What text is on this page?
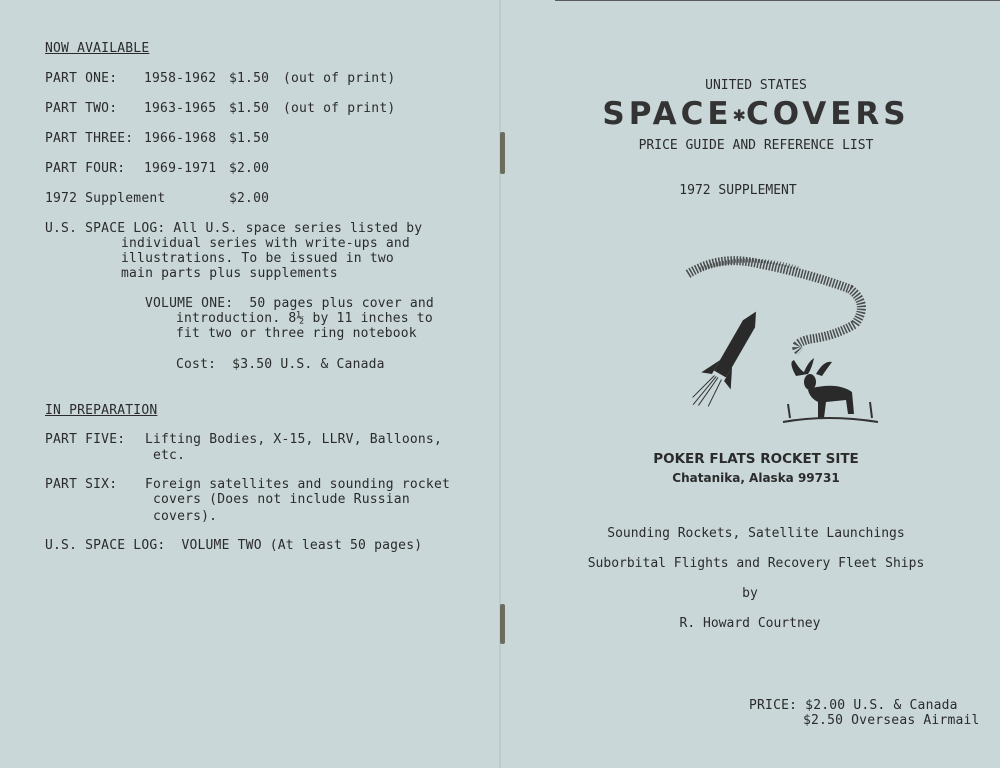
NOW AVAILABLE
PART ONE: 1958-1962 $1.50 (out of print)
PART TWO: 1963-1965 $1.50 (out of print)
PART THREE: 1966-1968 $1.50
PART FOUR: 1969-1971 $2.00
1972 Supplement	$2.00
U.S. SPACE LOG: All U.S. space series listed by
individual series with write-ups and
illustrations. To be issued in two
main parts plus supplements
VOLUME ONE:  50 pages plus cover and
introduction. 8½ by 11 inches to
fit two or three ring notebook
Cost:  $3.50 U.S. & Canada
IN PREPARATION
PART FIVE: Lifting Bodies, X-15, LLRV, Balloons,
etc.
PART SIX: Foreign satellites and sounding rocket
covers (Does not include Russian
covers).
U.S. SPACE LOG:  VOLUME TWO (At least 50 pages)
UNITED STATES
SPACE✱COVERS
PRICE GUIDE AND REFERENCE LIST
1972 SUPPLEMENT
POKER FLATS ROCKET SITE
Chatanika, Alaska 99731
Sounding Rockets, Satellite Launchings
Suborbital Flights and Recovery Fleet Ships
by
R. Howard Courtney
PRICE: $2.00 U.S. & Canada
$2.50 Overseas Airmail
